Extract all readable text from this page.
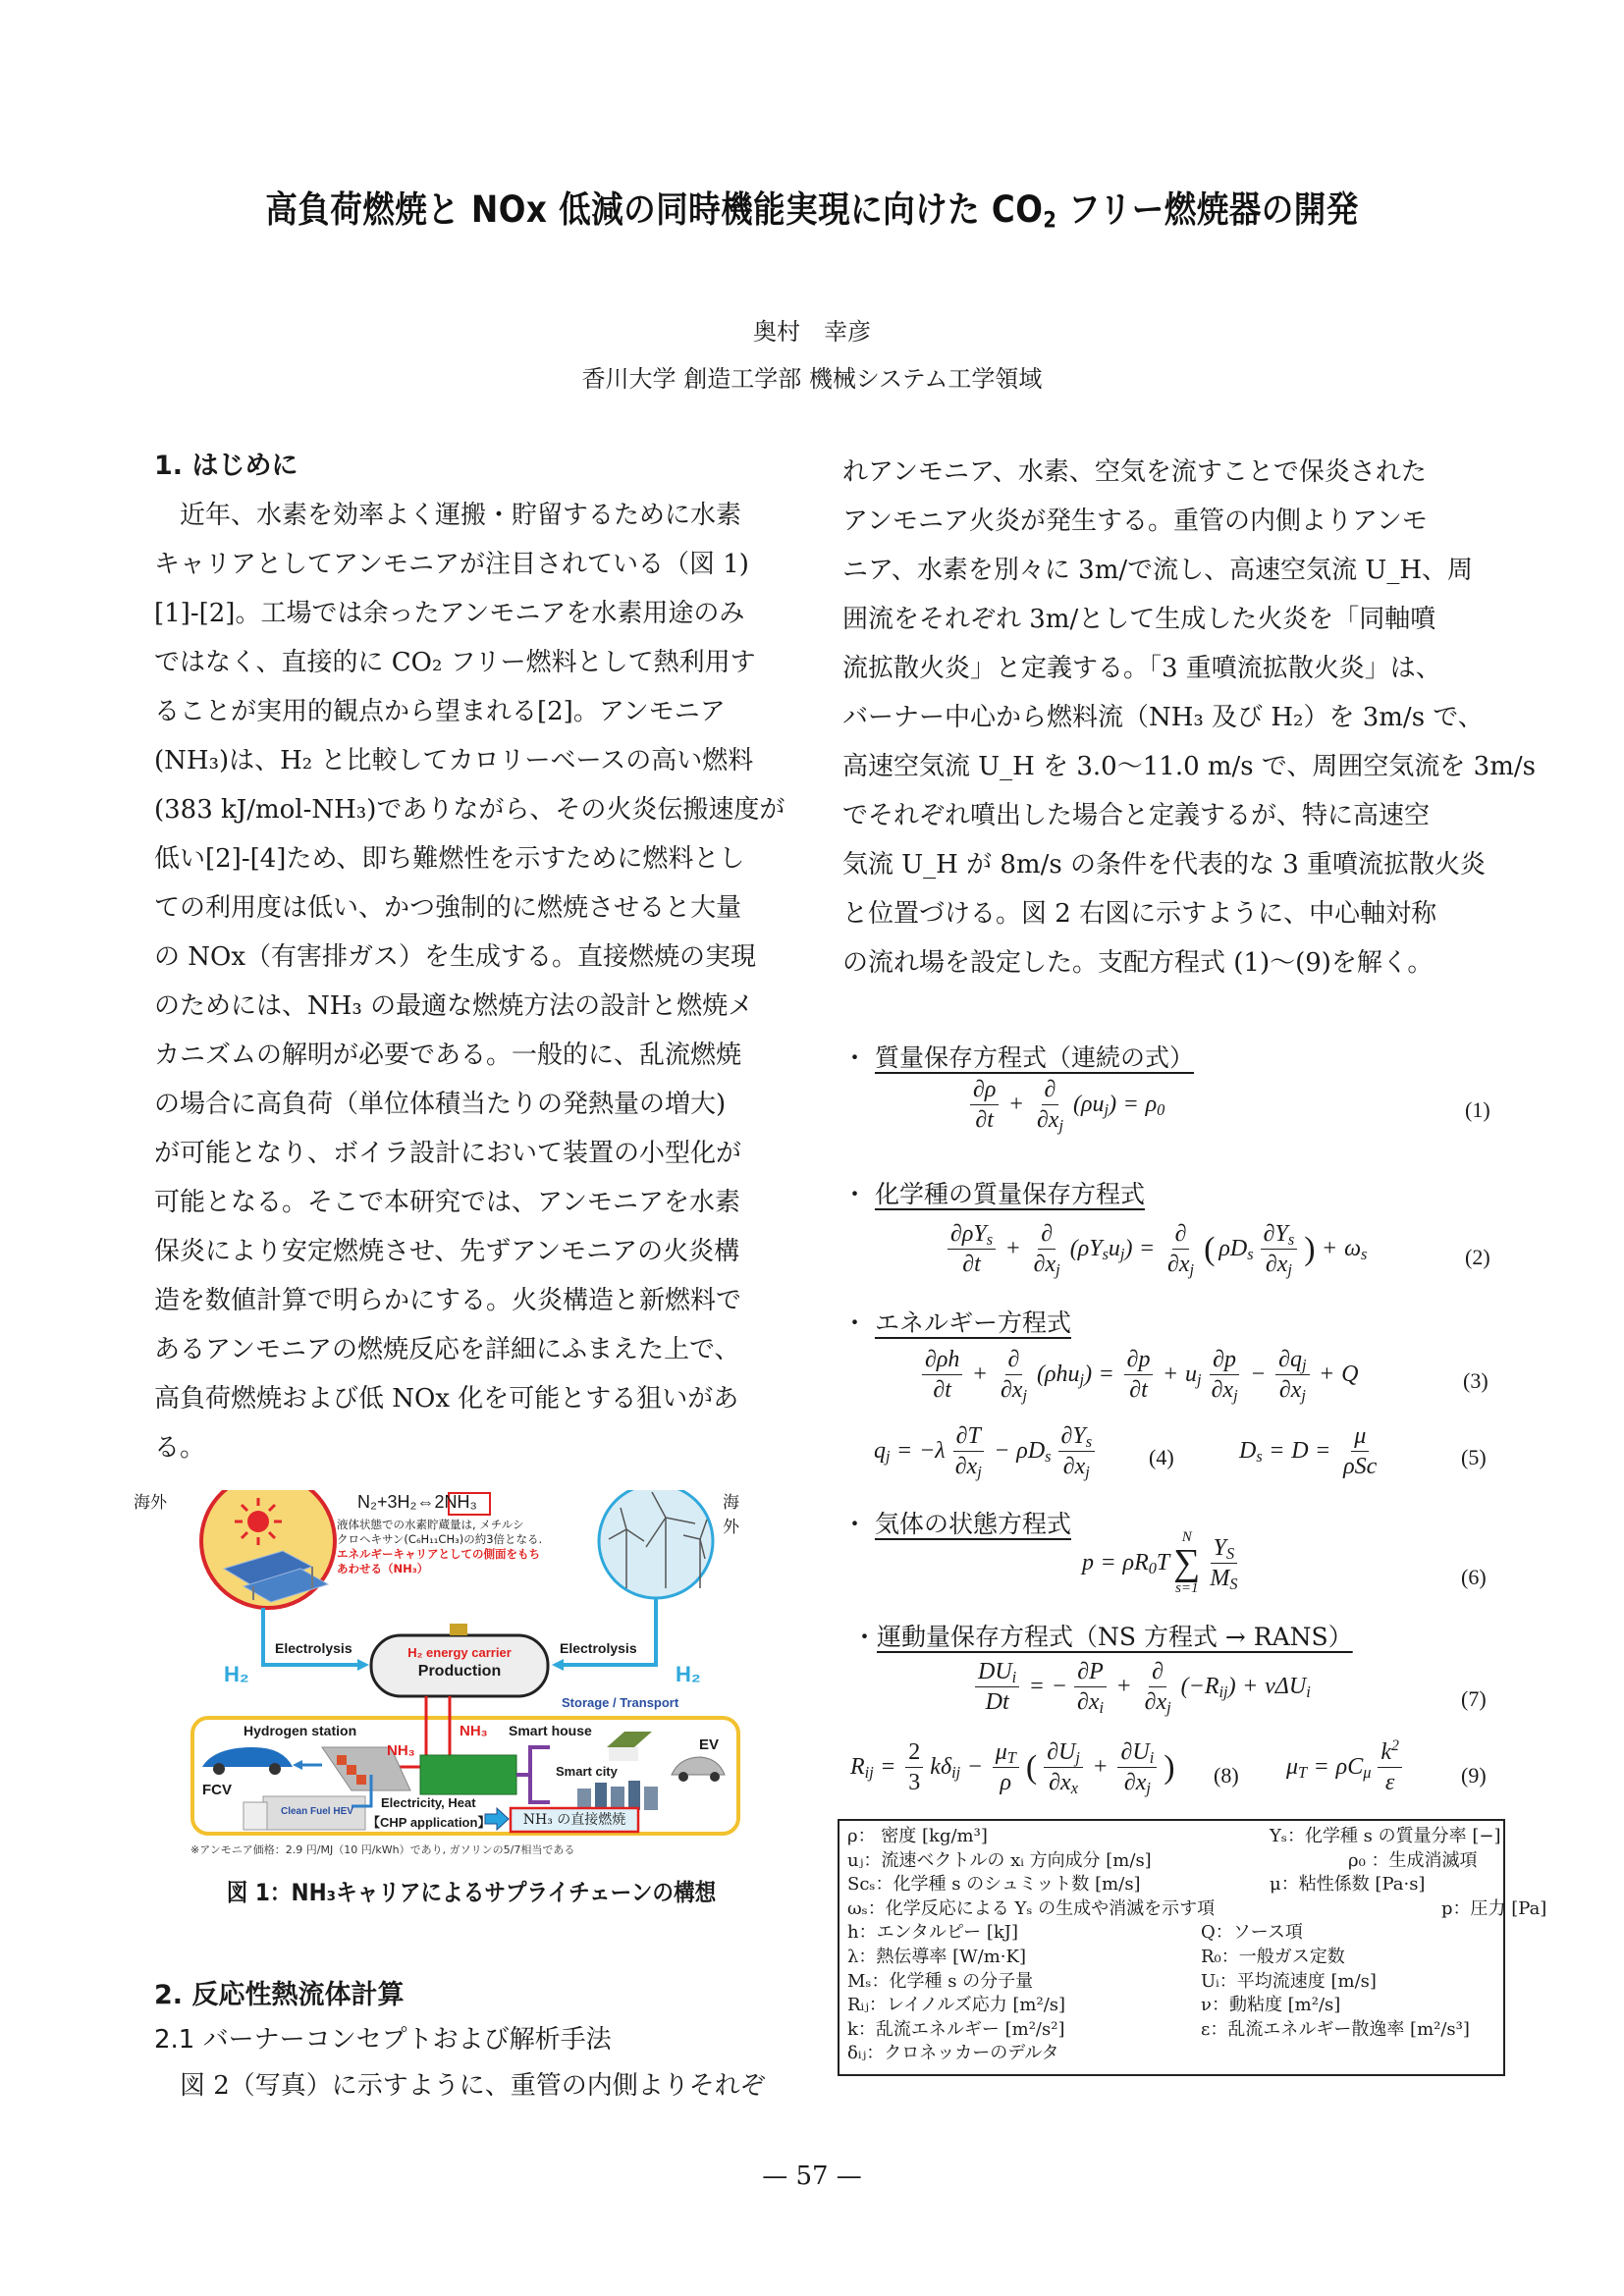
高負荷燃焼と NOx 低減の同時機能実現に向けた $CO_2$ フリー燃焼器の開発
奥村　幸彦
香川大学 創造工学部 機械システム工学領域
1. はじめに

近年、水素を効率よく運搬・貯留するために水素

キャリアとしてアンモニアが注目されている（図 1)

[1]-[2]。工場では余ったアンモニアを水素用途のみ

ではなく、直接的に CO₂ フリー燃料として熱利用す

ることが実用的観点から望まれる[2]。アンモニア

(NH₃)は、H₂ と比較してカロリーベースの高い燃料

(383 kJ/mol-NH₃)でありながら、その火炎伝搬速度が

低い[2]-[4]ため、即ち難燃性を示すために燃料とし

ての利用度は低い、かつ強制的に燃焼させると大量

の NOx（有害排ガス）を生成する。直接燃焼の実現

のためには、NH₃ の最適な燃焼方法の設計と燃焼メ

カニズムの解明が必要である。一般的に、乱流燃焼

の場合に高負荷（単位体積当たりの発熱量の増大)

が可能となり、ボイラ設計において装置の小型化が

可能となる。そこで本研究では、アンモニアを水素

保炎により安定燃焼させ、先ずアンモニアの火炎構

造を数値計算で明らかにする。火炎構造と新燃料で

あるアンモニアの燃焼反応を詳細にふまえた上で、

高負荷燃焼および低 NOx 化を可能とする狙いがあ

る。

海外	海外
N₂+3H₂⇔2NH₃
液体状態での水素貯蔵量は, メチルシ
クロヘキサン(C₆H₁₁CH₃)の約3倍となる.
エネルギーキャリアとしての側面をもち
あわせる（NH₃）
H₂	H₂
Electrolysis	Electrolysis
H₂ energy carrier
Production
Storage / Transport
Hydrogen station
NH₃
NH₃ Smart house
EV
FCV
Smart city
Clean Fuel HEV
Electricity, Heat
【CHP application】	NH₃ の直接燃焼
※アンモニア価格：2.9 円/MJ（10 円/kWh）であり, ガソリンの5/7相当である
図 1：NH₃キャリアによるサプライチェーンの構想
2. 反応性熱流体計算
2.1 バーナーコンセプトおよび解析手法

図 2（写真）に示すように、重管の内側よりそれぞ

れアンモニア、水素、空気を流すことで保炎された

アンモニア火炎が発生する。重管の内側よりアンモ

ニア、水素を別々に 3m/で流し、高速空気流 U_H、周

囲流をそれぞれ 3m/として生成した火炎を「同軸噴

流拡散火炎」と定義する。「3 重噴流拡散火炎」は、

バーナー中心から燃料流（NH₃ 及び H₂）を 3m/s で、

高速空気流 U_H を 3.0～11.0 m/s で、周囲空気流を 3m/s

でそれぞれ噴出した場合と定義するが、特に高速空

気流 U_H が 8m/s の条件を代表的な 3 重噴流拡散火炎

と位置づける。図 2 右図に示すように、中心軸対称

の流れ場を設定した。支配方程式 (1)～(9)を解く。

・ 質量保存方程式（連続の式）
$\frac{\partial\rho}{\partial t} + \frac{\partial}{\partial x_j} (\rho u_j) = \rho_0$	(1)
・ 化学種の質量保存方程式
$\frac{\partial\rho Y_s}{\partial t} + \frac{\partial}{\partial x_j} (\rho Y_su_j) = \frac{\partial}{\partial x_j}$ ( $\rho D_s \frac{\partial Y_s}{\partial x_j}$ ) + $\omega_s$	(2)
・ エネルギー方程式
$\frac{\partial\rho h}{\partial t} + \frac{\partial}{\partial x_j} (\rho hu_j) = \frac{\partial p}{\partial t} + u_j \frac{\partial p}{\partial x_j} - \frac{\partial q_j}{\partial x_j} + Q$	(3)
$q_j = -\lambda \frac{\partial T}{\partial x_j} - \rho D_s \frac{\partial Y_s}{\partial x_j} (4)$	$D_s = D = \frac{\mu}{\text{ρSc}}$	(5)
・ 気体の状態方程式
$p = \rho R_0T$
N
∑
$s=1 \frac{Y_S}{M_S}$	(6)
・運動量保存方程式（NS 方程式 → RANS）
$\frac{DU_i}{Dt}$ = − $\frac{\partial P}{\partial x_i} + \frac{\partial}{\partial x_j} (-R_{ij}) + \nu\Delta U_i$	(7)
$R_{ij} = \frac{2}{3} k\delta_{ij} - \frac{\mu_T}{\rho}$ ( $\frac{\partial U_j}{\partial x_x} + \frac{\partial U_i}{\partial x_j}$ ) (8) $\mu_T = \rho C_\mu \frac{k^2}{\varepsilon}$	(9)
ρ： 密度 [kg/m³]	Yₛ：化学種 s の質量分率 [−]
uⱼ：流速ベクトルの xᵢ 方向成分 [m/s]	ρ₀ ：生成消滅項
Scₛ：化学種 s のシュミット数 [m/s]	μ：粘性係数 [Pa·s]
ωₛ：化学反応による Yₛ の生成や消滅を示す項	p：圧力 [Pa]
h：エンタルピー [kJ]	Q：ソース項
λ：熱伝導率 [W/m·K]	R₀：一般ガス定数
Mₛ：化学種 s の分子量	Uᵢ：平均流速度 [m/s]
Rᵢⱼ：レイノルズ応力 [m²/s]	ν：動粘度 [m²/s]
k：乱流エネルギー [m²/s²]	ε：乱流エネルギー散逸率 [m²/s³]
δᵢⱼ：クロネッカーのデルタ
— 57 —
